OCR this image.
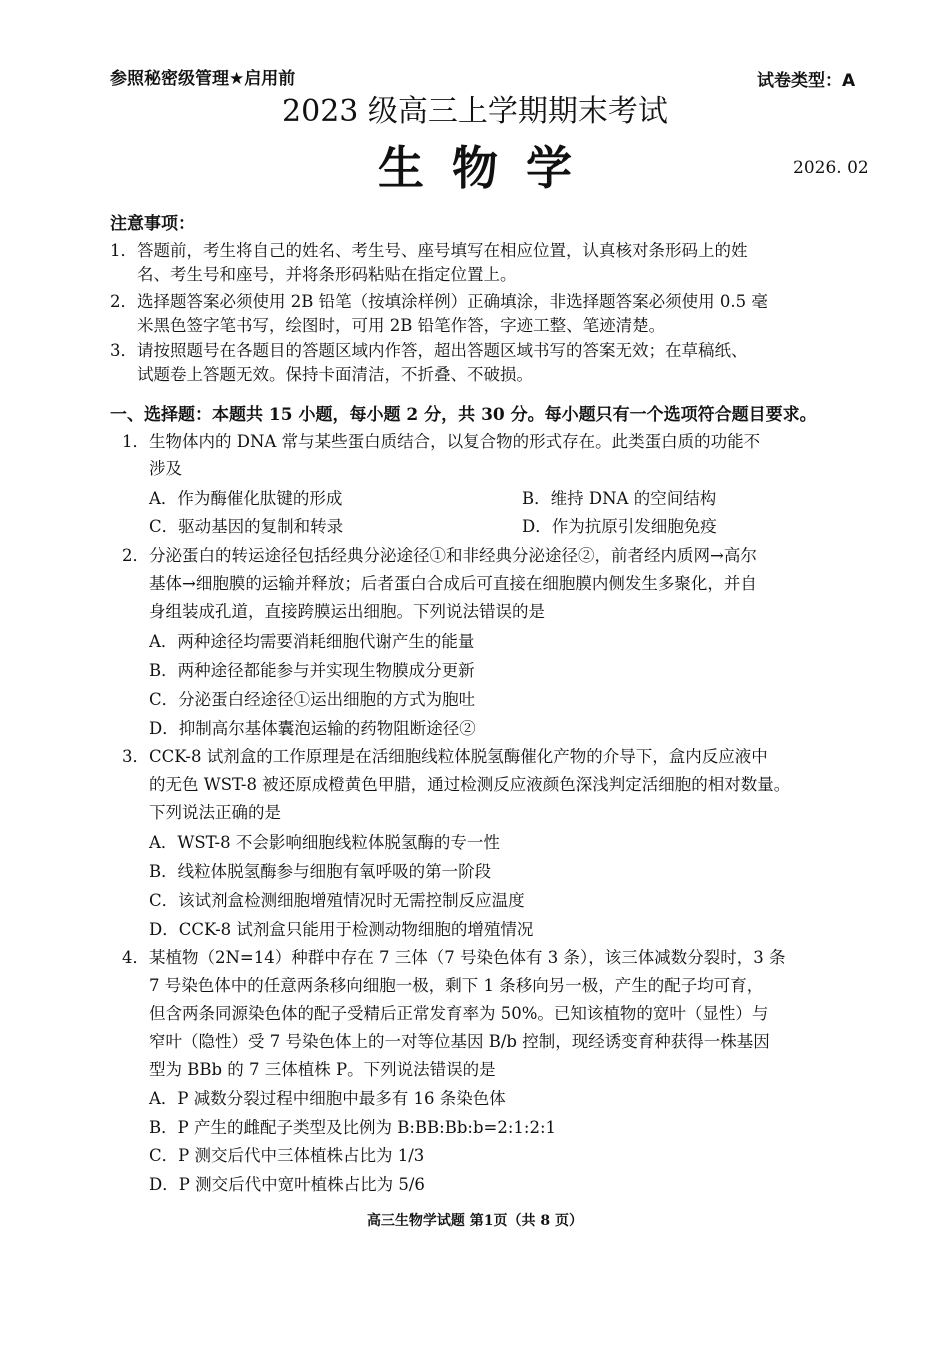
参照秘密级管理★启用前	试卷类型：A
2023 级高三上学期期末考试
生物学	2026. 02
注意事项：
1．答题前，考生将自己的姓名、考生号、座号填写在相应位置，认真核对条形码上的姓
名、考生号和座号，并将条形码粘贴在指定位置上。
2．选择题答案必须使用 2B 铅笔（按填涂样例）正确填涂，非选择题答案必须使用 0.5 毫
米黑色签字笔书写，绘图时，可用 2B 铅笔作答，字迹工整、笔迹清楚。
3．请按照题号在各题目的答题区域内作答，超出答题区域书写的答案无效；在草稿纸、
试题卷上答题无效。保持卡面清洁，不折叠、不破损。
一、选择题：本题共 15 小题，每小题 2 分，共 30 分。每小题只有一个选项符合题目要求。
1．生物体内的 DNA 常与某些蛋白质结合，以复合物的形式存在。此类蛋白质的功能不
涉及
A．作为酶催化肽键的形成	B．维持 DNA 的空间结构
C．驱动基因的复制和转录	D．作为抗原引发细胞免疫
2．分泌蛋白的转运途径包括经典分泌途径①和非经典分泌途径②，前者经内质网→高尔
基体→细胞膜的运输并释放；后者蛋白合成后可直接在细胞膜内侧发生多聚化，并自
身组装成孔道，直接跨膜运出细胞。下列说法错误的是
A．两种途径均需要消耗细胞代谢产生的能量
B．两种途径都能参与并实现生物膜成分更新
C．分泌蛋白经途径①运出细胞的方式为胞吐
D．抑制高尔基体囊泡运输的药物阻断途径②
3．CCK-8 试剂盒的工作原理是在活细胞线粒体脱氢酶催化产物的介导下，盒内反应液中
的无色 WST-8 被还原成橙黄色甲腊，通过检测反应液颜色深浅判定活细胞的相对数量。
下列说法正确的是
A．WST-8 不会影响细胞线粒体脱氢酶的专一性
B．线粒体脱氢酶参与细胞有氧呼吸的第一阶段
C．该试剂盒检测细胞增殖情况时无需控制反应温度
D．CCK-8 试剂盒只能用于检测动物细胞的增殖情况
4．某植物（2N=14）种群中存在 7 三体（7 号染色体有 3 条），该三体减数分裂时，3 条
7 号染色体中的任意两条移向细胞一极，剩下 1 条移向另一极，产生的配子均可育，
但含两条同源染色体的配子受精后正常发育率为 50%。已知该植物的宽叶（显性）与
窄叶（隐性）受 7 号染色体上的一对等位基因 B/b 控制，现经诱变育种获得一株基因
型为 BBb 的 7 三体植株 P。下列说法错误的是
A．P 减数分裂过程中细胞中最多有 16 条染色体
B．P 产生的雌配子类型及比例为 B:BB:Bb:b=2:1:2:1
C．P 测交后代中三体植株占比为 1/3
D．P 测交后代中宽叶植株占比为 5/6
高三生物学试题 第1页（共 8 页）
